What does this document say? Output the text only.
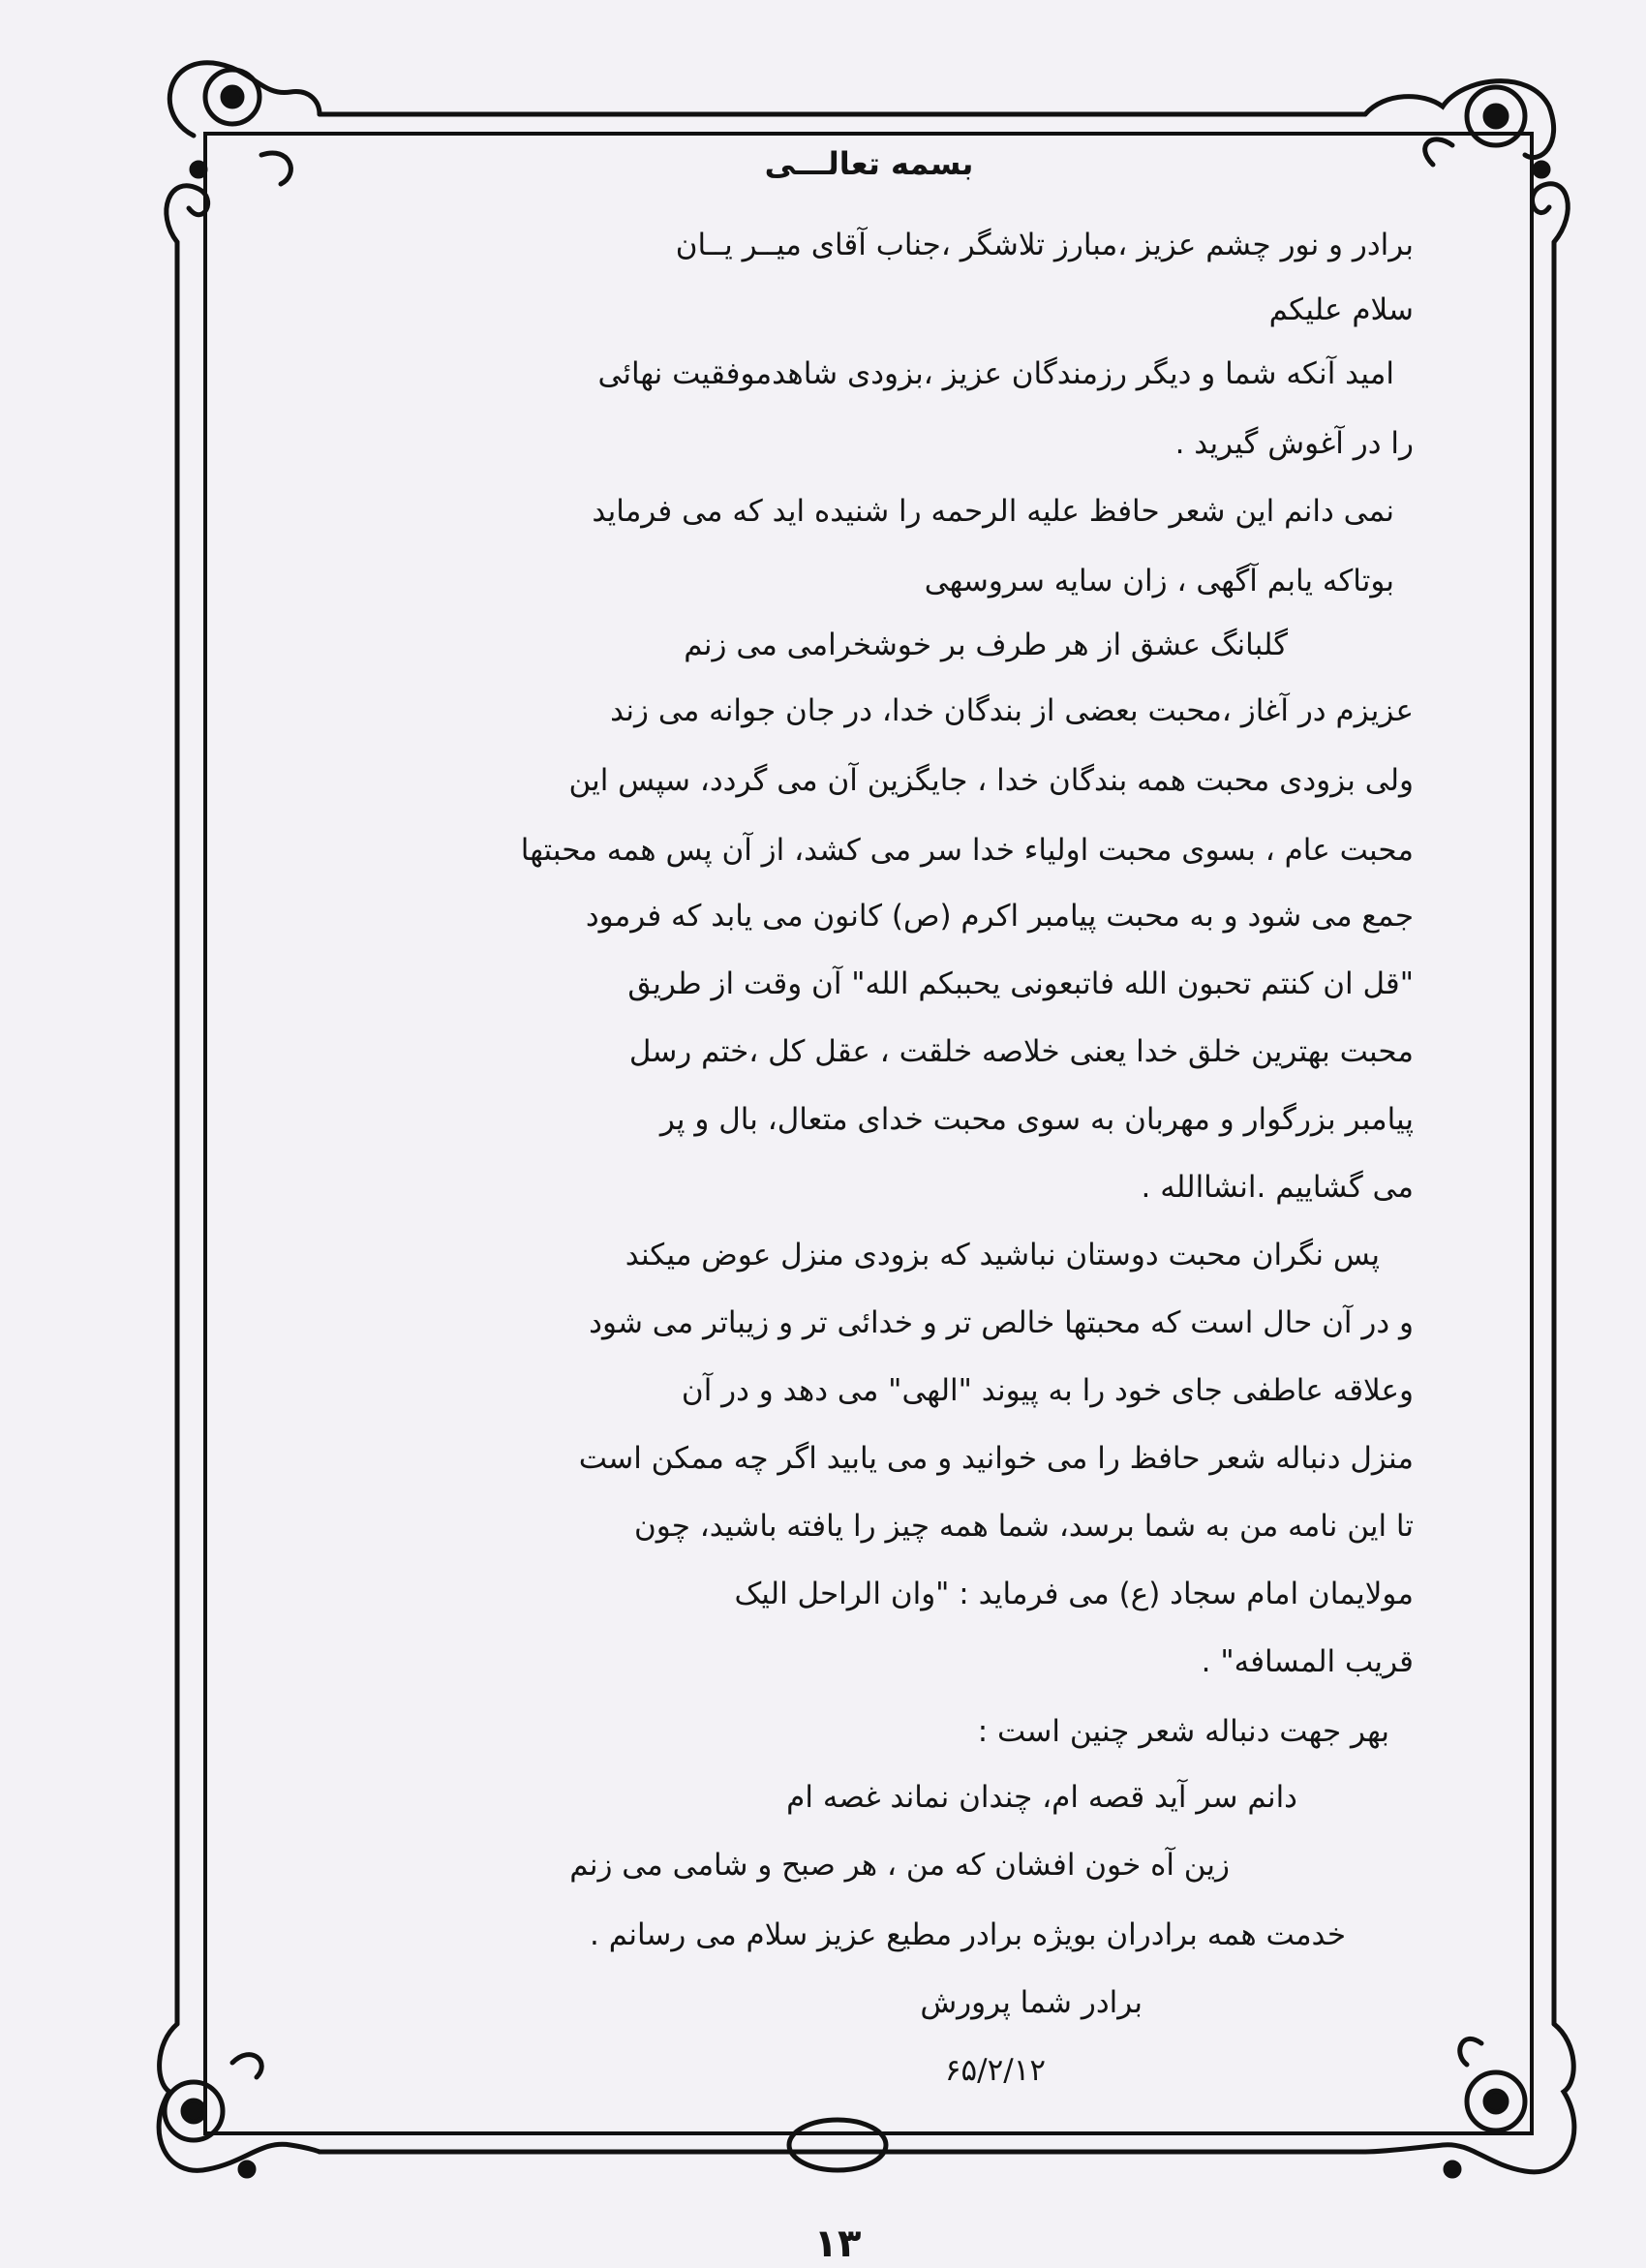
بسمه تعالـــی
برادر و نور چشم عزیز ،مبارز تلاشگر ،جناب آقای میــر یــان
سلام علیکم
امید آنکه شما و دیگر رزمندگان عزیز ،بزودی شاهدموفقیت نهائی
را در آغوش گیرید .
نمی دانم این شعر حافظ علیه الرحمه را شنیده اید که می فرماید
بوتاکه یابم آگهی ، زان سایه سروسهی
گلبانگ عشق از هر طرف بر خوشخرامی می زنم
عزیزم در آغاز ،محبت بعضی از بندگان خدا، در جان جوانه می زند
ولی بزودی محبت همه بندگان خدا ، جایگزین آن می گردد، سپس این
محبت عام ، بسوی محبت اولیاء خدا سر می کشد، از آن پس همه محبتها
جمع می شود و به محبت پیامبر اکرم (ص) کانون می یابد که فرمود
"قل ان کنتم تحبون الله فاتبعونی یحببکم الله" آن وقت از طریق
محبت بهترین خلق خدا یعنی خلاصه خلقت ، عقل کل ،ختم رسل
پیامبر بزرگوار و مهربان به سوی محبت خدای متعال، بال و پر
می گشاییم .انشاالله .
پس نگران محبت دوستان نباشید که بزودی منزل عوض میکند
و در آن حال است که محبتها خالص تر و خدائی تر و زیباتر می شود
وعلاقه عاطفی جای خود را به پیوند "الهی" می دهد و در آن
منزل دنباله شعر حافظ را می خوانید و می یابید اگر چه ممکن است
تا این نامه من به شما برسد، شما همه چیز را یافته باشید، چون
مولایمان امام سجاد (ع) می فرماید : "وان الراحل الیک
قریب المسافه" .
بهر جهت دنباله شعر چنین است :
دانم سر آید قصه ام، چندان نماند غصه ام
زین آه خون افشان که من ، هر صبح و شامی می زنم
خدمت همه برادران بویژه برادر مطیع عزیز سلام می رسانم .
برادر شما پرورش
۶۵/۲/۱۲
۱۳
